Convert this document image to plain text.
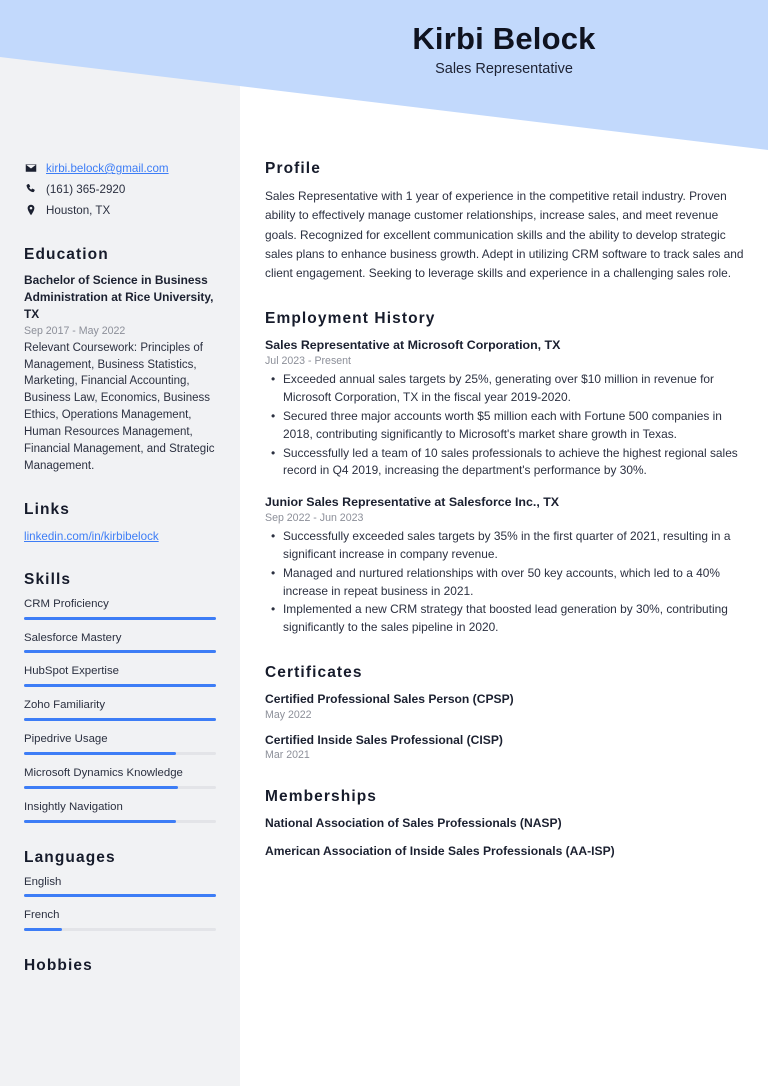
Kirbi Belock
Sales Representative
kirbi.belock@gmail.com
(161) 365-2920
Houston, TX
Education
Bachelor of Science in Business Administration at Rice University, TX
Sep 2017 - May 2022
Relevant Coursework: Principles of Management, Business Statistics, Marketing, Financial Accounting, Business Law, Economics, Business Ethics, Operations Management, Human Resources Management, Financial Management, and Strategic Management.
Links
linkedin.com/in/kirbibelock
Skills
CRM Proficiency
Salesforce Mastery
HubSpot Expertise
Zoho Familiarity
Pipedrive Usage
Microsoft Dynamics Knowledge
Insightly Navigation
Languages
English
French
Hobbies
Profile
Sales Representative with 1 year of experience in the competitive retail industry. Proven ability to effectively manage customer relationships, increase sales, and meet revenue goals. Recognized for excellent communication skills and the ability to develop strategic sales plans to enhance business growth. Adept in utilizing CRM software to track sales and client engagement. Seeking to leverage skills and experience in a challenging sales role.
Employment History
Sales Representative at Microsoft Corporation, TX
Jul 2023 - Present
• Exceeded annual sales targets by 25%, generating over $10 million in revenue for Microsoft Corporation, TX in the fiscal year 2019-2020.
• Secured three major accounts worth $5 million each with Fortune 500 companies in 2018, contributing significantly to Microsoft's market share growth in Texas.
• Successfully led a team of 10 sales professionals to achieve the highest regional sales record in Q4 2019, increasing the department's performance by 30%.
Junior Sales Representative at Salesforce Inc., TX
Sep 2022 - Jun 2023
• Successfully exceeded sales targets by 35% in the first quarter of 2021, resulting in a significant increase in company revenue.
• Managed and nurtured relationships with over 50 key accounts, which led to a 40% increase in repeat business in 2021.
• Implemented a new CRM strategy that boosted lead generation by 30%, contributing significantly to the sales pipeline in 2020.
Certificates
Certified Professional Sales Person (CPSP)
May 2022
Certified Inside Sales Professional (CISP)
Mar 2021
Memberships
National Association of Sales Professionals (NASP)
American Association of Inside Sales Professionals (AA-ISP)
